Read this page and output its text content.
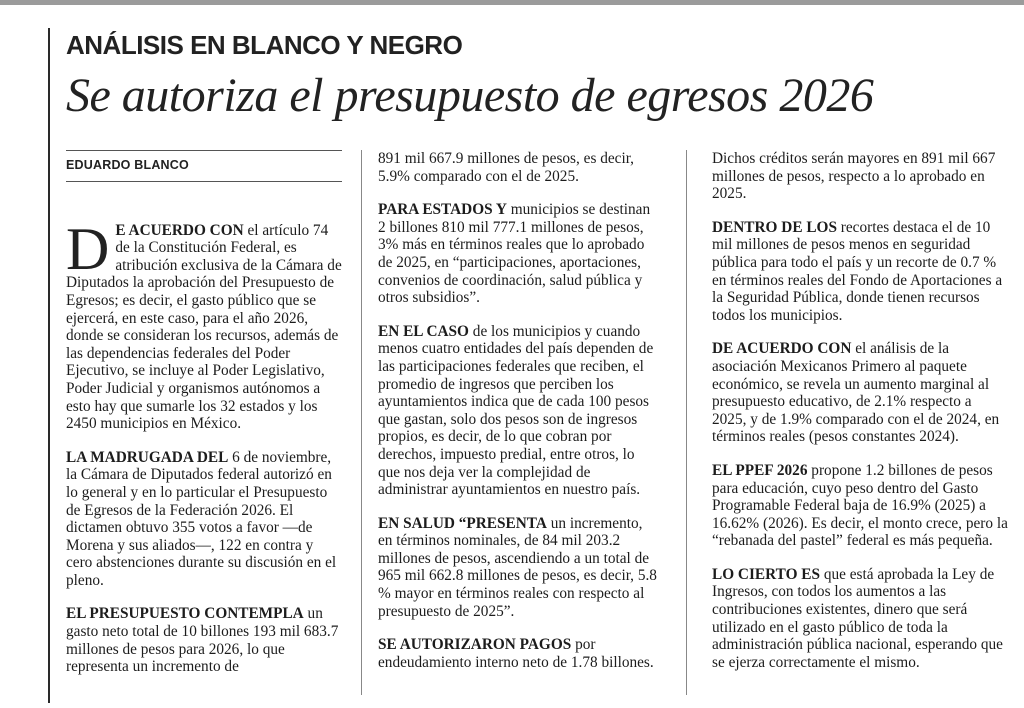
ANÁLISIS EN BLANCO Y NEGRO
Se autoriza el presupuesto de egresos 2026
EDUARDO BLANCO

D E ACUERDO CON el artículo 74 de la Constitución Federal, es atribución exclusiva de la Cámara de Diputados la aprobación del Presupuesto de Egresos; es decir, el gasto público que se ejercerá, en este caso, para el año 2026, donde se consideran los recursos, además de las dependencias federales del Poder Ejecutivo, se incluye al Poder Legislativo, Poder Judicial y organismos autónomos a esto hay que sumarle los 32 estados y los 2450 municipios en México.

LA MADRUGADA DEL 6 de noviembre, la Cámara de Diputados federal autorizó en lo general y en lo particular el Presupuesto de Egresos de la Federación 2026. El dictamen obtuvo 355 votos a favor —de Morena y sus aliados—, 122 en contra y cero abstenciones durante su discusión en el pleno.

EL PRESUPUESTO CONTEMPLA un gasto neto total de 10 billones 193 mil 683.7 millones de pesos para 2026, lo que representa un incremento de

891 mil 667.9 millones de pesos, es decir, 5.9% comparado con el de 2025.

PARA ESTADOS Y municipios se destinan 2 billones 810 mil 777.1 millones de pesos, 3% más en términos reales que lo aprobado de 2025, en “participaciones, aportaciones, convenios de coordinación, salud pública y otros subsidios”.

EN EL CASO de los municipios y cuando menos cuatro entidades del país dependen de las participaciones federales que reciben, el promedio de ingresos que perciben los ayuntamientos indica que de cada 100 pesos que gastan, solo dos pesos son de ingresos propios, es decir, de lo que cobran por derechos, impuesto predial, entre otros, lo que nos deja ver la complejidad de administrar ayuntamientos en nuestro país.

EN SALUD “PRESENTA un incremento, en términos nominales, de 84 mil 203.2 millones de pesos, ascendiendo a un total de 965 mil 662.8 millones de pesos, es decir, 5.8 % mayor en términos reales con respecto al presupuesto de 2025”.

SE AUTORIZARON PAGOS por endeudamiento interno neto de 1.78 billones.

Dichos créditos serán mayores en 891 mil 667 millones de pesos, respecto a lo aprobado en 2025.

DENTRO DE LOS recortes destaca el de 10 mil millones de pesos menos en seguridad pública para todo el país y un recorte de 0.7 % en términos reales del Fondo de Aportaciones a la Seguridad Pública, donde tienen recursos todos los municipios.

DE ACUERDO CON el análisis de la asociación Mexicanos Primero al paquete económico, se revela un aumento marginal al presupuesto educativo, de 2.1% respecto a 2025, y de 1.9% comparado con el de 2024, en términos reales (pesos constantes 2024).

EL PPEF 2026 propone 1.2 billones de pesos para educación, cuyo peso dentro del Gasto Programable Federal baja de 16.9% (2025) a 16.62% (2026). Es decir, el monto crece, pero la “rebanada del pastel” federal es más pequeña.

LO CIERTO ES que está aprobada la Ley de Ingresos, con todos los aumentos a las contribuciones existentes, dinero que será utilizado en el gasto público de toda la administración pública nacional, esperando que se ejerza correctamente el mismo.
